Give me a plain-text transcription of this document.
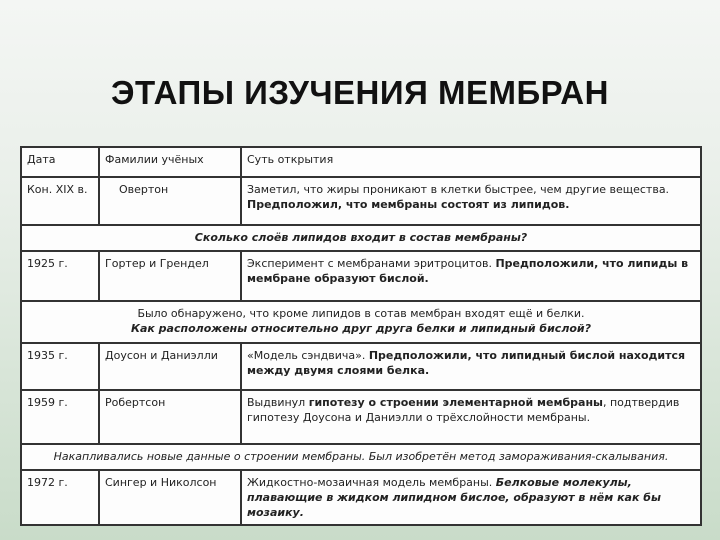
ЭТАПЫ ИЗУЧЕНИЯ МЕМБРАН
Дата	Фамилии учёных	Суть открытия
Кон. XIX в.	Овертон	Заметил, что жиры проникают в клетки быстрее, чем другие вещества. Предположил, что мембраны состоят из липидов.
Сколько слоёв липидов входит в состав мембраны?		
1925 г.	Гортер и Грендел	Эксперимент с мембранами эритроцитов. Предположили, что липиды в мембране образуют бислой.

Было обнаружено, что кроме липидов в сотав мембран входят ещё и белки.
Как расположены относительно друг друга белки и липидный бислой?		

1935 г.	Доусон и Даниэлли	«Модель сэндвича». Предположили, что липидный бислой находится между двумя слоями белка.
1959 г.	Робертсон	Выдвинул гипотезу о строении элементарной мембраны, подтвердив гипотезу Доусона и Даниэлли о трёхслойности мембраны.
Накапливались новые данные о строении мембраны. Был изобретён метод замораживания-скалывания.		
1972 г.	Сингер и Николсон	Жидкостно-мозаичная модель мембраны. Белковые молекулы, плавающие в жидком липидном бислое, образуют в нём как бы мозаику.
